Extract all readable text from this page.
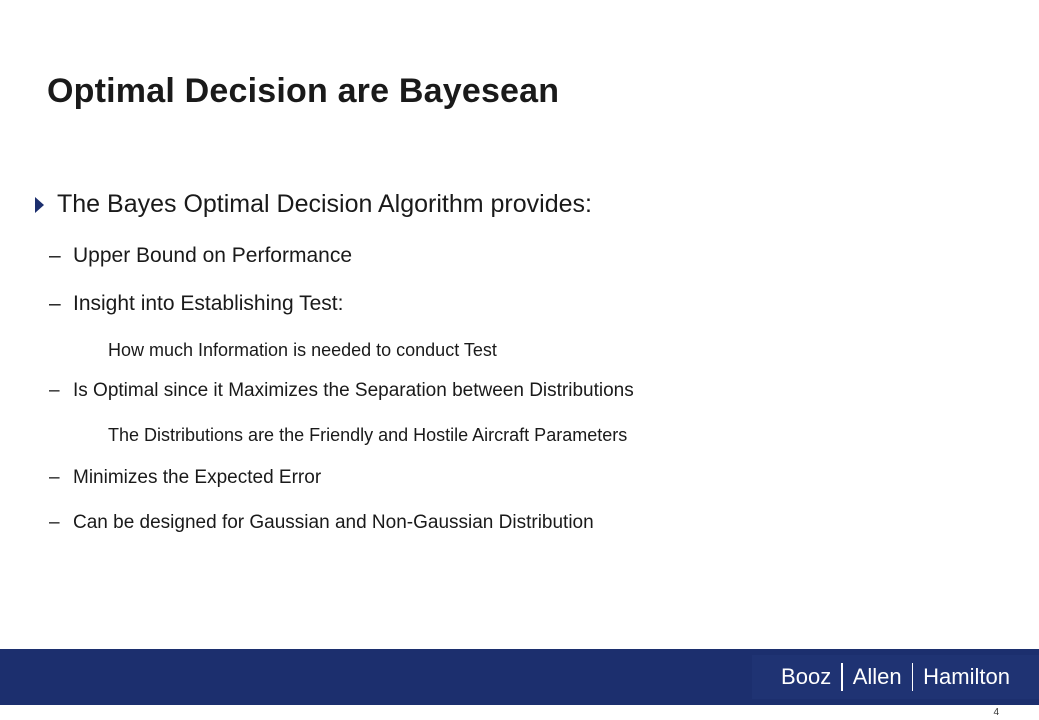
Optimal Decision are Bayesean
The Bayes Optimal Decision Algorithm provides:
– Upper Bound on Performance
– Insight into Establishing Test:
How much Information is needed to conduct Test
– Is Optimal since it Maximizes the Separation between Distributions
The Distributions are the Friendly and Hostile Aircraft Parameters
– Minimizes the Expected Error
– Can be designed for Gaussian and Non-Gaussian Distribution
Booz Allen Hamilton
4
